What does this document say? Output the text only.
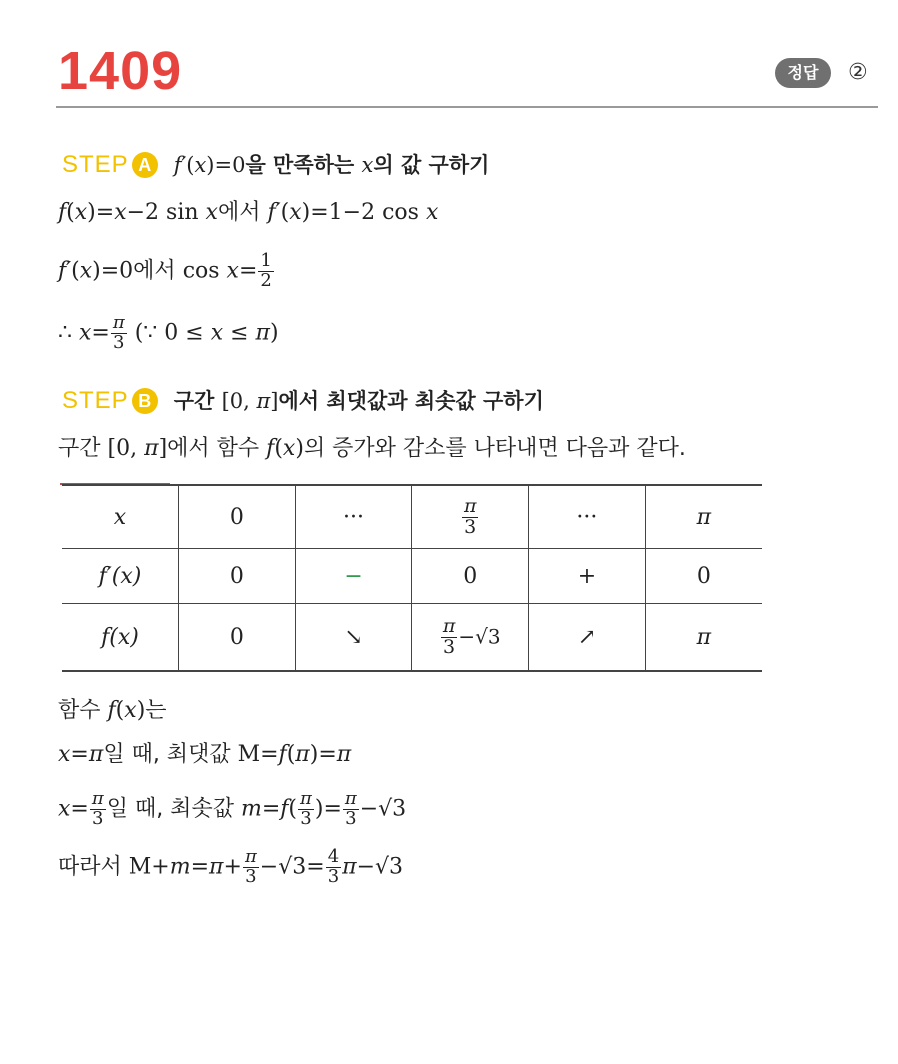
1409	정답	②
STEP A	f′(x)=0을 만족하는 x의 값 구하기
f(x)=x−2 sin x에서 f′(x)=1−2 cos x
f′(x)=0에서 $\cos x= \frac{1}{2}$
∴ $x= \frac{\pi}{3}$ (∵ 0 ≤ x ≤ π)
STEP B	구간 [0, π]에서 최댓값과 최솟값 구하기
구간 [0, π]에서 함수 f(x)의 증가와 감소를 나타내면 다음과 같다.
x	0	···	$\frac{\pi}{3}$	···	π
f′(x)	0	−	0	+	0
f(x)	0	↘	$\frac{\pi}{3} -√3$	↗	π
함수 f(x)는
x=π일 때, 최댓값 M=f(π)=π
$x= \frac{\pi}{3}$ 일 때, 최솟값 $m=f( \frac{\pi}{3}$ )= $\frac{\pi}{3} -√3$
따라서 $M+m=\pi+ \frac{\pi}{3} -√3= \frac{4}{3} \pi-√3$
